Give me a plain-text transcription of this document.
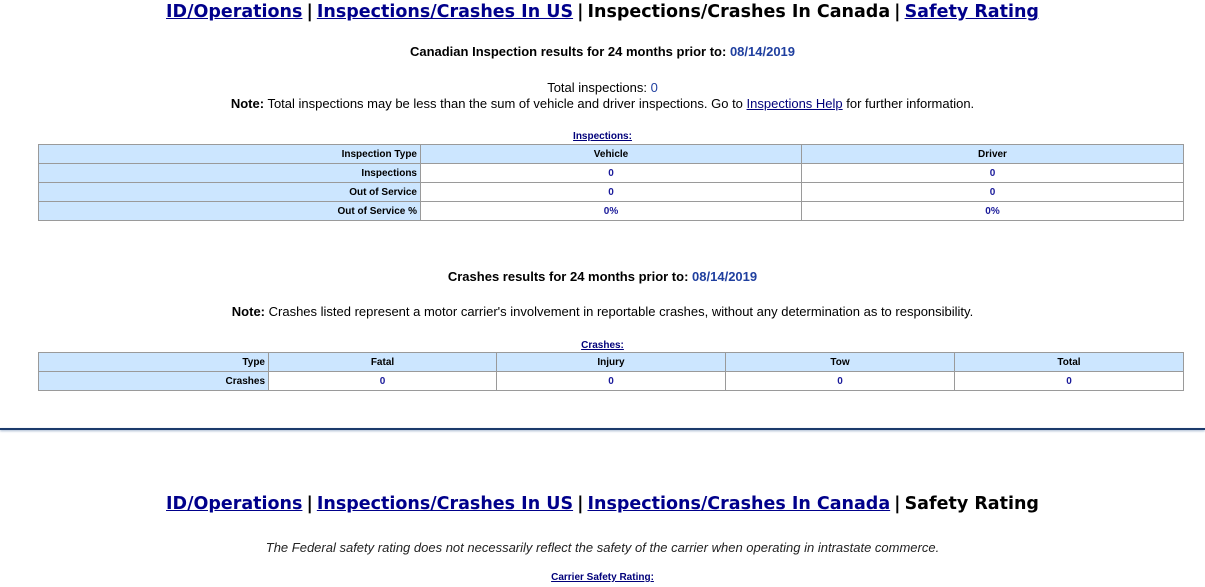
ID/Operations | Inspections/Crashes In US | Inspections/Crashes In Canada | Safety Rating
Canadian Inspection results for 24 months prior to: 08/14/2019
Total inspections: 0
Note: Total inspections may be less than the sum of vehicle and driver inspections. Go to Inspections Help for further information.
Inspections:
Inspection Type	Vehicle	Driver
Inspections	0	0
Out of Service	0	0
Out of Service %	0%	0%
Crashes results for 24 months prior to: 08/14/2019
Note: Crashes listed represent a motor carrier's involvement in reportable crashes, without any determination as to responsibility.
Crashes:
Type	Fatal	Injury	Tow	Total
Crashes	0	0	0	0
ID/Operations | Inspections/Crashes In US | Inspections/Crashes In Canada | Safety Rating
The Federal safety rating does not necessarily reflect the safety of the carrier when operating in intrastate commerce.
Carrier Safety Rating:
